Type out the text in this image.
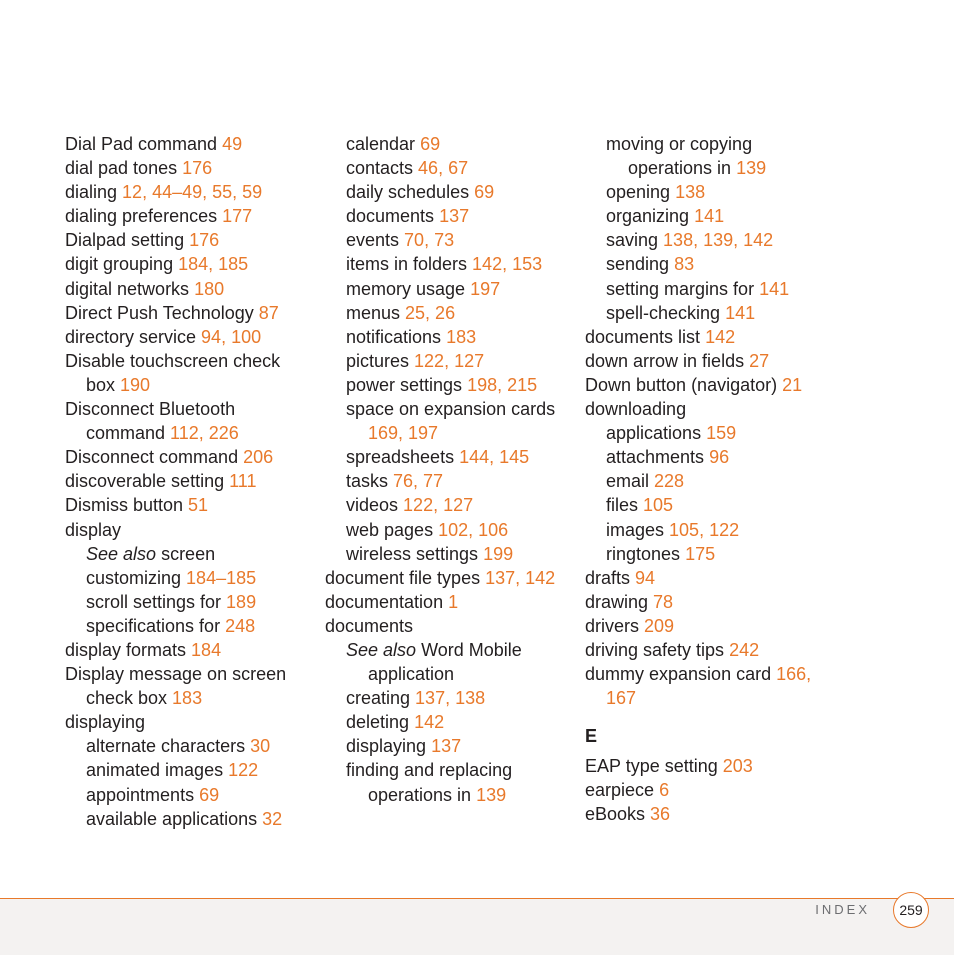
Dial Pad command 49
dial pad tones 176
dialing 12, 44–49, 55, 59
dialing preferences 177
Dialpad setting 176
digit grouping 184, 185
digital networks 180
Direct Push Technology 87
directory service 94, 100
Disable touchscreen check
box 190
Disconnect Bluetooth
command 112, 226
Disconnect command 206
discoverable setting 111
Dismiss button 51
display
See also screen
customizing 184–185
scroll settings for 189
specifications for 248
display formats 184
Display message on screen
check box 183
displaying
alternate characters 30
animated images 122
appointments 69
available applications 32
calendar 69
contacts 46, 67
daily schedules 69
documents 137
events 70, 73
items in folders 142, 153
memory usage 197
menus 25, 26
notifications 183
pictures 122, 127
power settings 198, 215
space on expansion cards
169, 197
spreadsheets 144, 145
tasks 76, 77
videos 122, 127
web pages 102, 106
wireless settings 199
document file types 137, 142
documentation 1
documents
See also Word Mobile
application
creating 137, 138
deleting 142
displaying 137
finding and replacing
operations in 139
moving or copying
operations in 139
opening 138
organizing 141
saving 138, 139, 142
sending 83
setting margins for 141
spell-checking 141
documents list 142
down arrow in fields 27
Down button (navigator) 21
downloading
applications 159
attachments 96
email 228
files 105
images 105, 122
ringtones 175
drafts 94
drawing 78
drivers 209
driving safety tips 242
dummy expansion card 166,
167
E
EAP type setting 203
earpiece 6
eBooks 36
INDEX	259
